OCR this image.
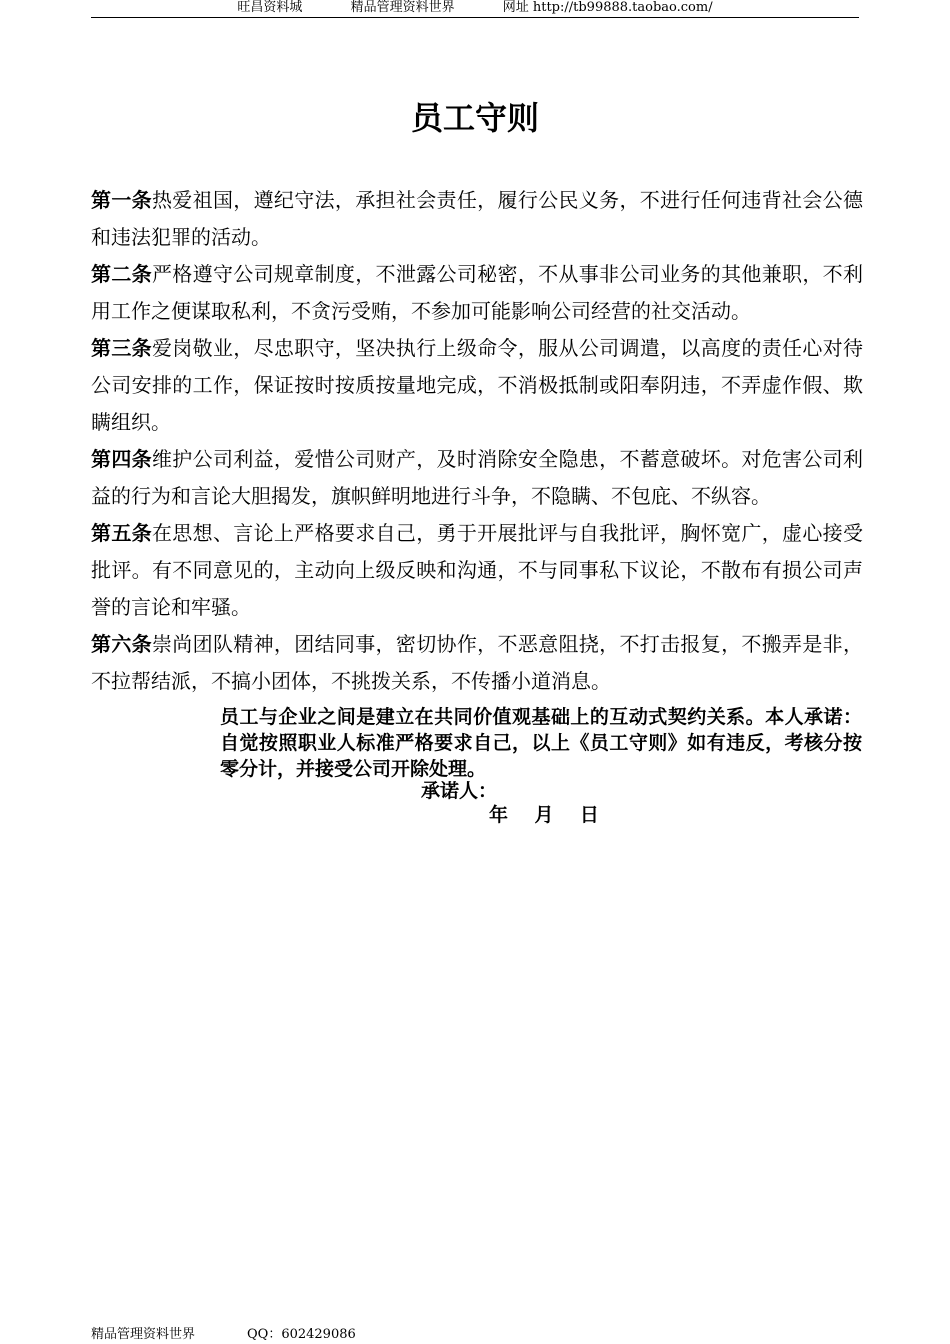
旺昌资料城	精品管理资料世界	网址 http://tb99888.taobao.com/
员工守则

第一条热爱祖国，遵纪守法，承担社会责任，履行公民义务，不进行任何违背社会公德和违法犯罪的活动。

第二条严格遵守公司规章制度，不泄露公司秘密，不从事非公司业务的其他兼职，不利用工作之便谋取私利，不贪污受贿，不参加可能影响公司经营的社交活动。

第三条爱岗敬业，尽忠职守，坚决执行上级命令，服从公司调遣，以高度的责任心对待公司安排的工作，保证按时按质按量地完成，不消极抵制或阳奉阴违，不弄虚作假、欺瞒组织。

第四条维护公司利益，爱惜公司财产，及时消除安全隐患，不蓄意破坏。对危害公司利益的行为和言论大胆揭发，旗帜鲜明地进行斗争，不隐瞒、不包庇、不纵容。

第五条在思想、言论上严格要求自己，勇于开展批评与自我批评，胸怀宽广，虚心接受批评。有不同意见的，主动向上级反映和沟通，不与同事私下议论，不散布有损公司声誉的言论和牢骚。

第六条崇尚团队精神，团结同事，密切协作，不恶意阻挠，不打击报复，不搬弄是非，不拉帮结派，不搞小团体，不挑拨关系，不传播小道消息。

员工与企业之间是建立在共同价值观基础上的互动式契约关系。本人承诺：自觉按照职业人标准严格要求自己，以上《员工守则》如有违反，考核分按零分计，并接受公司开除处理。
承诺人：
年    月    日
精品管理资料世界	QQ：602429086
